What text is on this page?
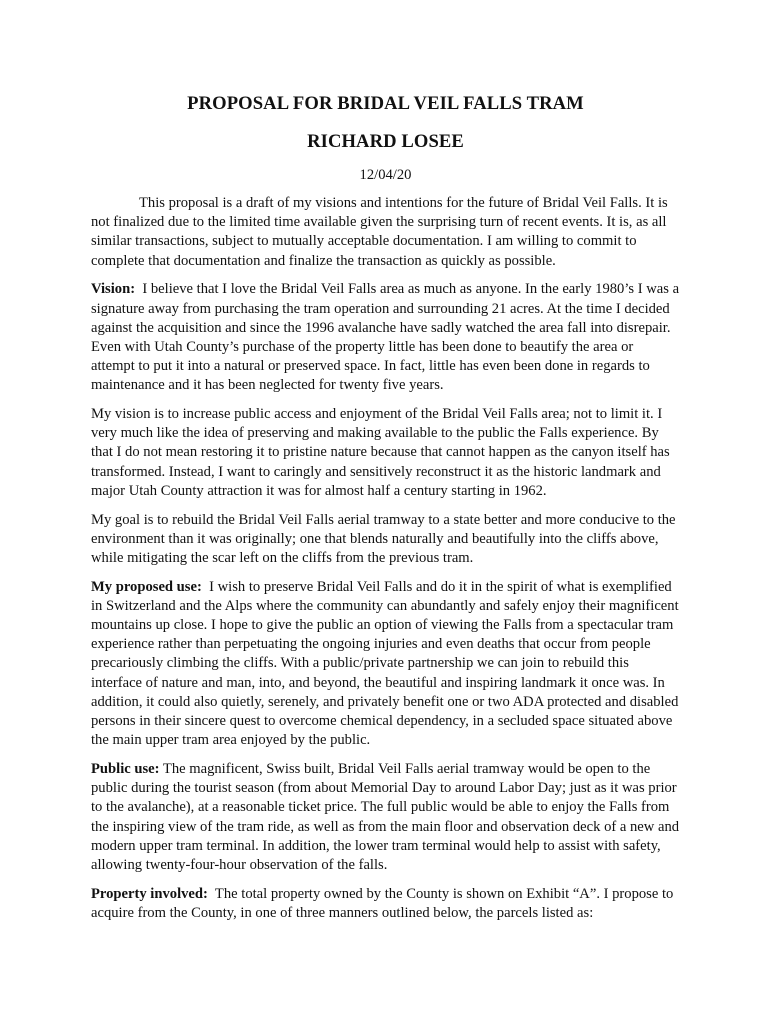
PROPOSAL FOR BRIDAL VEIL FALLS TRAM
RICHARD LOSEE
12/04/20

This proposal is a draft of my visions and intentions for the future of Bridal Veil Falls. It is not finalized due to the limited time available given the surprising turn of recent events. It is, as all similar transactions, subject to mutually acceptable documentation. I am willing to commit to complete that documentation and finalize the transaction as quickly as possible.

Vision: I believe that I love the Bridal Veil Falls area as much as anyone. In the early 1980’s I was a signature away from purchasing the tram operation and surrounding 21 acres. At the time I decided against the acquisition and since the 1996 avalanche have sadly watched the area fall into disrepair. Even with Utah County’s purchase of the property little has been done to beautify the area or attempt to put it into a natural or preserved space. In fact, little has even been done in regards to maintenance and it has been neglected for twenty five years.

My vision is to increase public access and enjoyment of the Bridal Veil Falls area; not to limit it. I very much like the idea of preserving and making available to the public the Falls experience. By that I do not mean restoring it to pristine nature because that cannot happen as the canyon itself has transformed. Instead, I want to caringly and sensitively reconstruct it as the historic landmark and major Utah County attraction it was for almost half a century starting in 1962.

My goal is to rebuild the Bridal Veil Falls aerial tramway to a state better and more conducive to the environment than it was originally; one that blends naturally and beautifully into the cliffs above, while mitigating the scar left on the cliffs from the previous tram.

My proposed use: I wish to preserve Bridal Veil Falls and do it in the spirit of what is exemplified in Switzerland and the Alps where the community can abundantly and safely enjoy their magnificent mountains up close. I hope to give the public an option of viewing the Falls from a spectacular tram experience rather than perpetuating the ongoing injuries and even deaths that occur from people precariously climbing the cliffs. With a public/private partnership we can join to rebuild this interface of nature and man, into, and beyond, the beautiful and inspiring landmark it once was. In addition, it could also quietly, serenely, and privately benefit one or two ADA protected and disabled persons in their sincere quest to overcome chemical dependency, in a secluded space situated above the main upper tram area enjoyed by the public.

Public use: The magnificent, Swiss built, Bridal Veil Falls aerial tramway would be open to the public during the tourist season (from about Memorial Day to around Labor Day; just as it was prior to the avalanche), at a reasonable ticket price. The full public would be able to enjoy the Falls from the inspiring view of the tram ride, as well as from the main floor and observation deck of a new and modern upper tram terminal. In addition, the lower tram terminal would help to assist with safety, allowing twenty-four-hour observation of the falls.

Property involved: The total property owned by the County is shown on Exhibit “A”. I propose to acquire from the County, in one of three manners outlined below, the parcels listed as:
